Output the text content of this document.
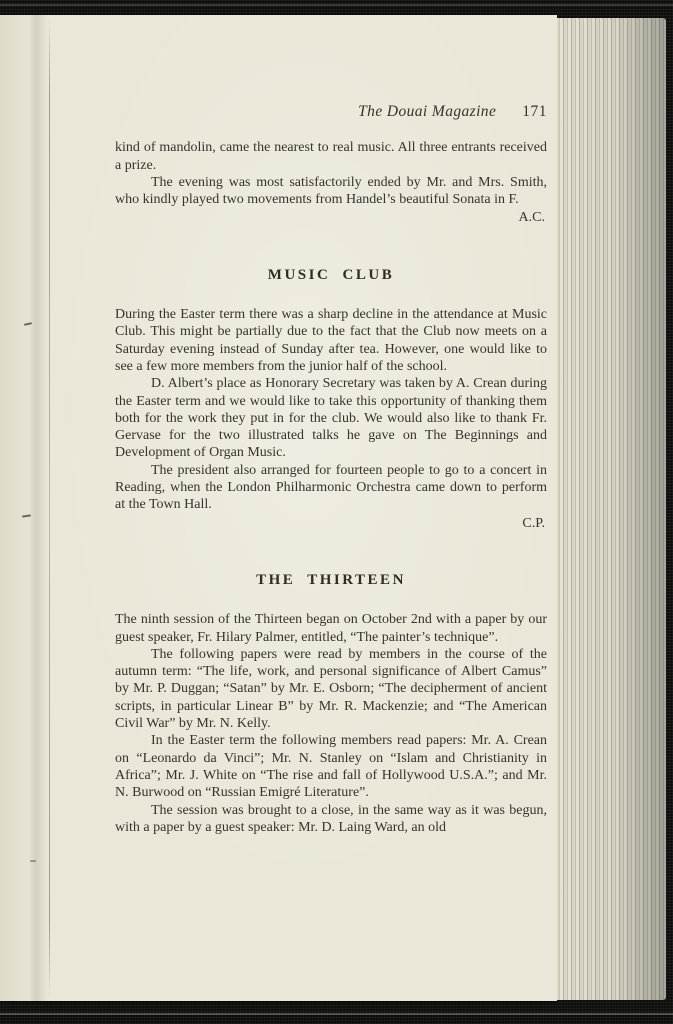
The Douai Magazine 171

kind of mandolin, came the nearest to real music. All three entrants received a prize.

The evening was most satisfactorily ended by Mr. and Mrs. Smith, who kindly played two movements from Handel’s beautiful Sonata in F.

A.C.
MUSIC CLUB

During the Easter term there was a sharp decline in the attendance at Music Club. This might be partially due to the fact that the Club now meets on a Saturday evening instead of Sunday after tea. However, one would like to see a few more members from the junior half of the school.

D. Albert’s place as Honorary Secretary was taken by A. Crean during the Easter term and we would like to take this opportunity of thanking them both for the work they put in for the club. We would also like to thank Fr. Gervase for the two illustrated talks he gave on The Beginnings and Development of Organ Music.

The president also arranged for fourteen people to go to a concert in Reading, when the London Philharmonic Orchestra came down to perform at the Town Hall.

C.P.
THE THIRTEEN

The ninth session of the Thirteen began on October 2nd with a paper by our guest speaker, Fr. Hilary Palmer, entitled, “The painter’s technique”.

The following papers were read by members in the course of the autumn term: “The life, work, and personal significance of Albert Camus” by Mr. P. Duggan; “Satan” by Mr. E. Osborn; “The decipherment of ancient scripts, in particular Linear B” by Mr. R. Mackenzie; and “The American Civil War” by Mr. N. Kelly.

In the Easter term the following members read papers: Mr. A. Crean on “Leonardo da Vinci”; Mr. N. Stanley on “Islam and Christianity in Africa”; Mr. J. White on “The rise and fall of Hollywood U.S.A.”; and Mr. N. Burwood on “Russian Emigré Literature”.

The session was brought to a close, in the same way as it was begun, with a paper by a guest speaker: Mr. D. Laing Ward, an old
